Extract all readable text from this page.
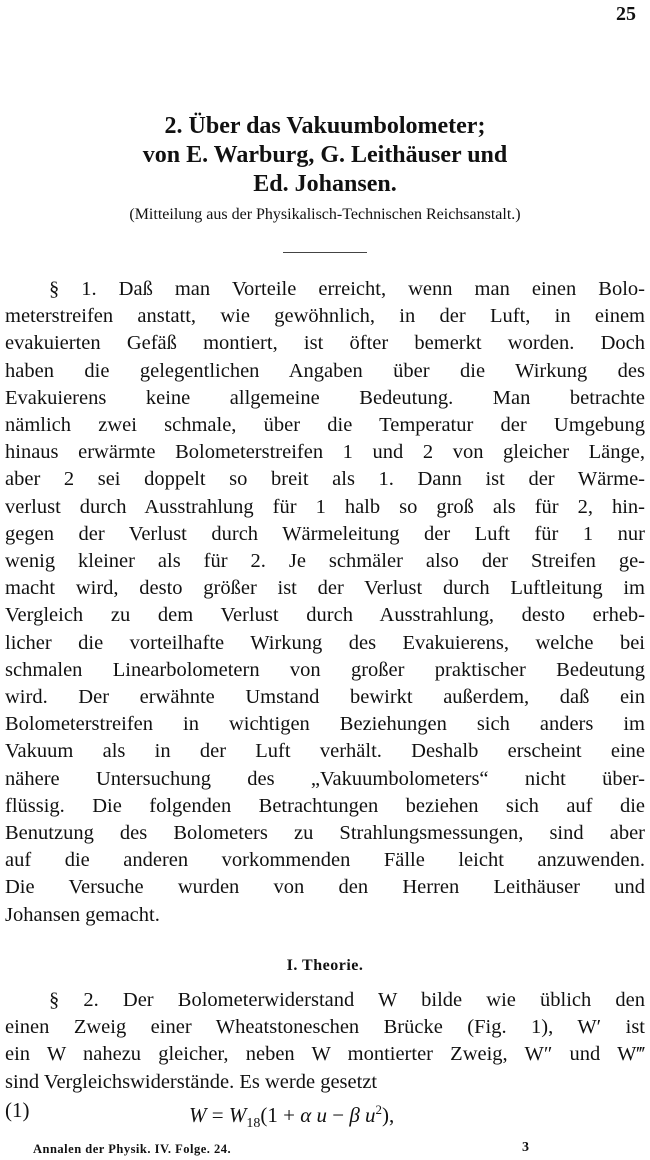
25
2. Über das Vakuumbolometer;
von E. Warburg, G. Leithäuser und
Ed. Johansen.
(Mitteilung aus der Physikalisch-Technischen Reichsanstalt.)
§ 1. Daß man Vorteile erreicht, wenn man einen Bolo-
meterstreifen anstatt, wie gewöhnlich, in der Luft, in einem
evakuierten Gefäß montiert, ist öfter bemerkt worden. Doch
haben die gelegentlichen Angaben über die Wirkung des
Evakuierens keine allgemeine Bedeutung. Man betrachte
nämlich zwei schmale, über die Temperatur der Umgebung
hinaus erwärmte Bolometerstreifen 1 und 2 von gleicher Länge,
aber 2 sei doppelt so breit als 1. Dann ist der Wärme-
verlust durch Ausstrahlung für 1 halb so groß als für 2, hin-
gegen der Verlust durch Wärmeleitung der Luft für 1 nur
wenig kleiner als für 2. Je schmäler also der Streifen ge-
macht wird, desto größer ist der Verlust durch Luftleitung im
Vergleich zu dem Verlust durch Ausstrahlung, desto erheb-
licher die vorteilhafte Wirkung des Evakuierens, welche bei
schmalen Linearbolometern von großer praktischer Bedeutung
wird. Der erwähnte Umstand bewirkt außerdem, daß ein
Bolometerstreifen in wichtigen Beziehungen sich anders im
Vakuum als in der Luft verhält. Deshalb erscheint eine
nähere Untersuchung des „Vakuumbolometers“ nicht über-
flüssig. Die folgenden Betrachtungen beziehen sich auf die
Benutzung des Bolometers zu Strahlungsmessungen, sind aber
auf die anderen vorkommenden Fälle leicht anzuwenden.
Die Versuche wurden von den Herren Leithäuser und
Johansen gemacht.
I. Theorie.
§ 2. Der Bolometerwiderstand W bilde wie üblich den
einen Zweig einer Wheatstoneschen Brücke (Fig. 1), W′ ist
ein W nahezu gleicher, neben W montierter Zweig, W″ und W‴
sind Vergleichswiderstände. Es werde gesetzt
(1)	$W = W_{18}(1 + \alpha$ u − β $u^2$),
Annalen der Physik. IV. Folge. 24.	3
